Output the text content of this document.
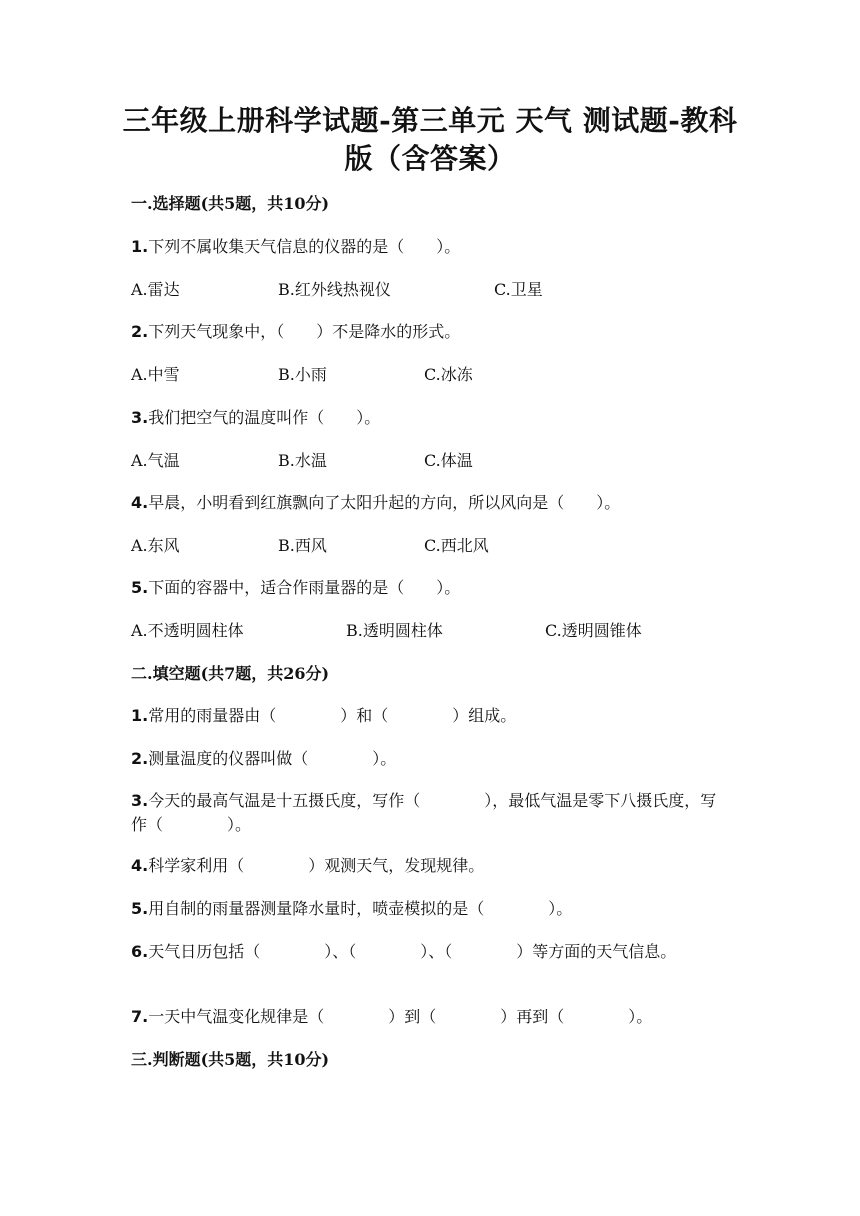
三年级上册科学试题-第三单元 天气 测试题-教科版（含答案）
一.选择题(共5题，共10分)
1.下列不属收集天气信息的仪器的是（　　）。
A.雷达	B.红外线热视仪	C.卫星
2.下列天气现象中，（　　）不是降水的形式。
A.中雪	B.小雨	C.冰冻
3.我们把空气的温度叫作（　　）。
A.气温	B.水温	C.体温
4.早晨，小明看到红旗飘向了太阳升起的方向，所以风向是（　　）。
A.东风	B.西风	C.西北风
5.下面的容器中，适合作雨量器的是（　　）。
A.不透明圆柱体	B.透明圆柱体	C.透明圆锥体
二.填空题(共7题，共26分)
1.常用的雨量器由（　　　　）和（　　　　）组成。
2.测量温度的仪器叫做（　　　　）。
3.今天的最高气温是十五摄氏度，写作（　　　　），最低气温是零下八摄氏度，写作（　　　　）。
4.科学家利用（　　　　）观测天气，发现规律。
5.用自制的雨量器测量降水量时，喷壶模拟的是（　　　　）。
6.天气日历包括（　　　　）、（　　　　）、（　　　　）等方面的天气信息。
7.一天中气温变化规律是（　　　　）到（　　　　）再到（　　　　）。
三.判断题(共5题，共10分)
